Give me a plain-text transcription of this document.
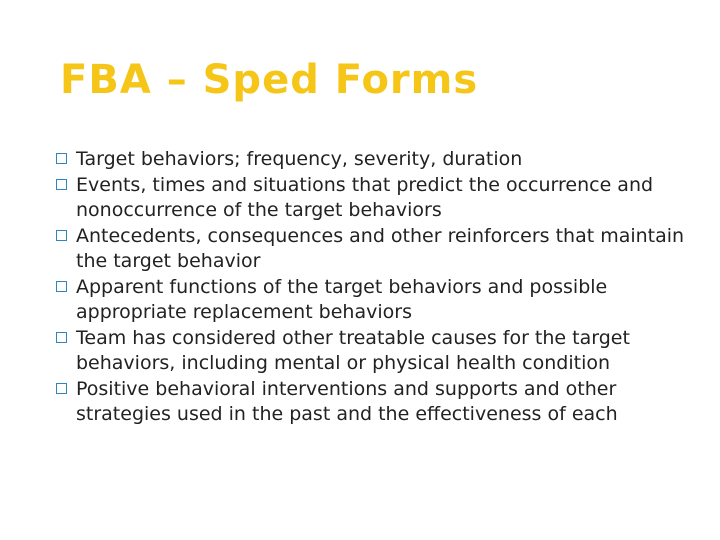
FBA – Sped Forms
Target behaviors; frequency, severity, duration
Events, times and situations that predict the occurrence and nonoccurrence of the target behaviors
Antecedents, consequences and other reinforcers that maintain the target behavior
Apparent functions of the target behaviors and possible appropriate replacement behaviors
Team has considered other treatable causes for the target behaviors, including mental or physical health condition
Positive behavioral interventions and supports and other strategies used in the past and the effectiveness of each
